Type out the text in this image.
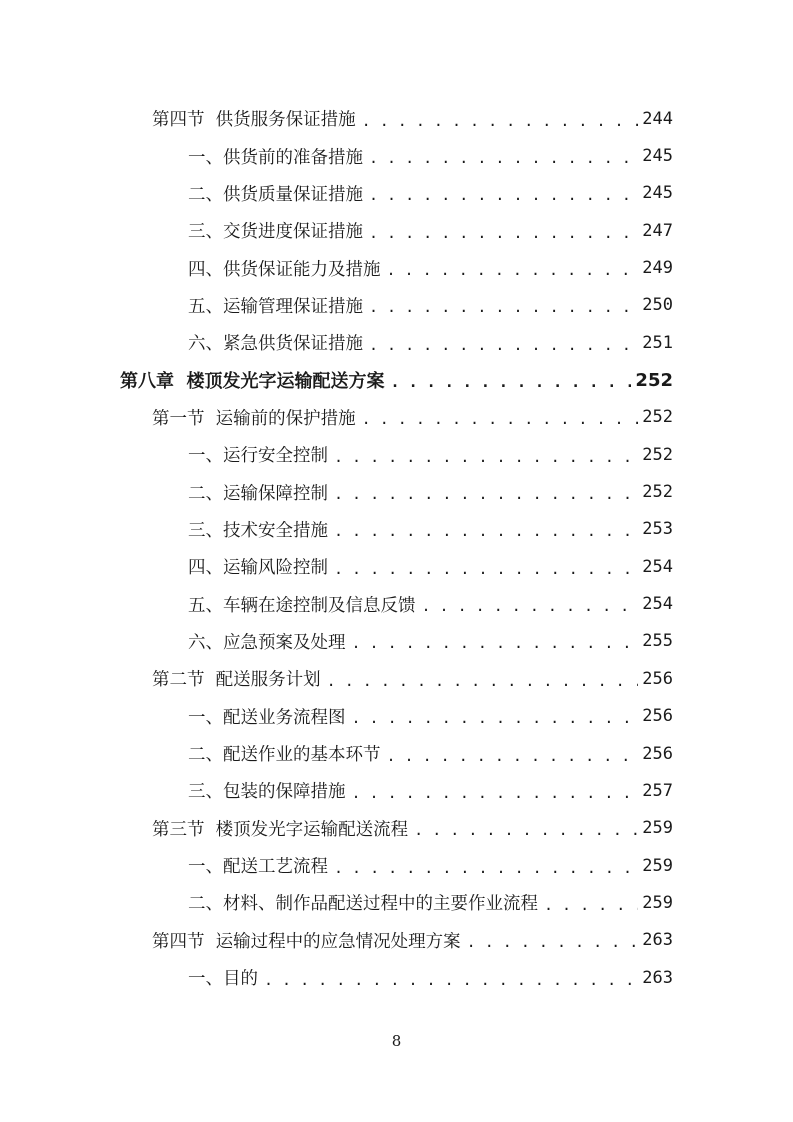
第四节 供货服务保证措施 . . .	244
一、 供货前的准备措施 . . .	245
二、 供货质量保证措施 . . .	245
三、 交货进度保证措施 . . .	247
四、 供货保证能力及措施 . . .	249
五、 运输管理保证措施 . . .	250
六、 紧急供货保证措施 . . .	251
第八章 楼顶发光字运输配送方案 . . .	252
第一节 运输前的保护措施 . . .	252
一、 运行安全控制 . . .	252
二、 运输保障控制 . . .	252
三、 技术安全措施 . . .	253
四、 运输风险控制 . . .	254
五、 车辆在途控制及信息反馈 . . .	254
六、 应急预案及处理 . . .	255
第二节 配送服务计划 . . .	256
一、 配送业务流程图 . . .	256
二、 配送作业的基本环节 . . .	256
三、 包装的保障措施 . . .	257
第三节 楼顶发光字运输配送流程 . . .	259
一、 配送工艺流程 . . .	259
二、 材料、制作品配送过程中的主要作业流程 . . .	259
第四节 运输过程中的应急情况处理方案 . . .	263
一、 目的 . . .	263
8
